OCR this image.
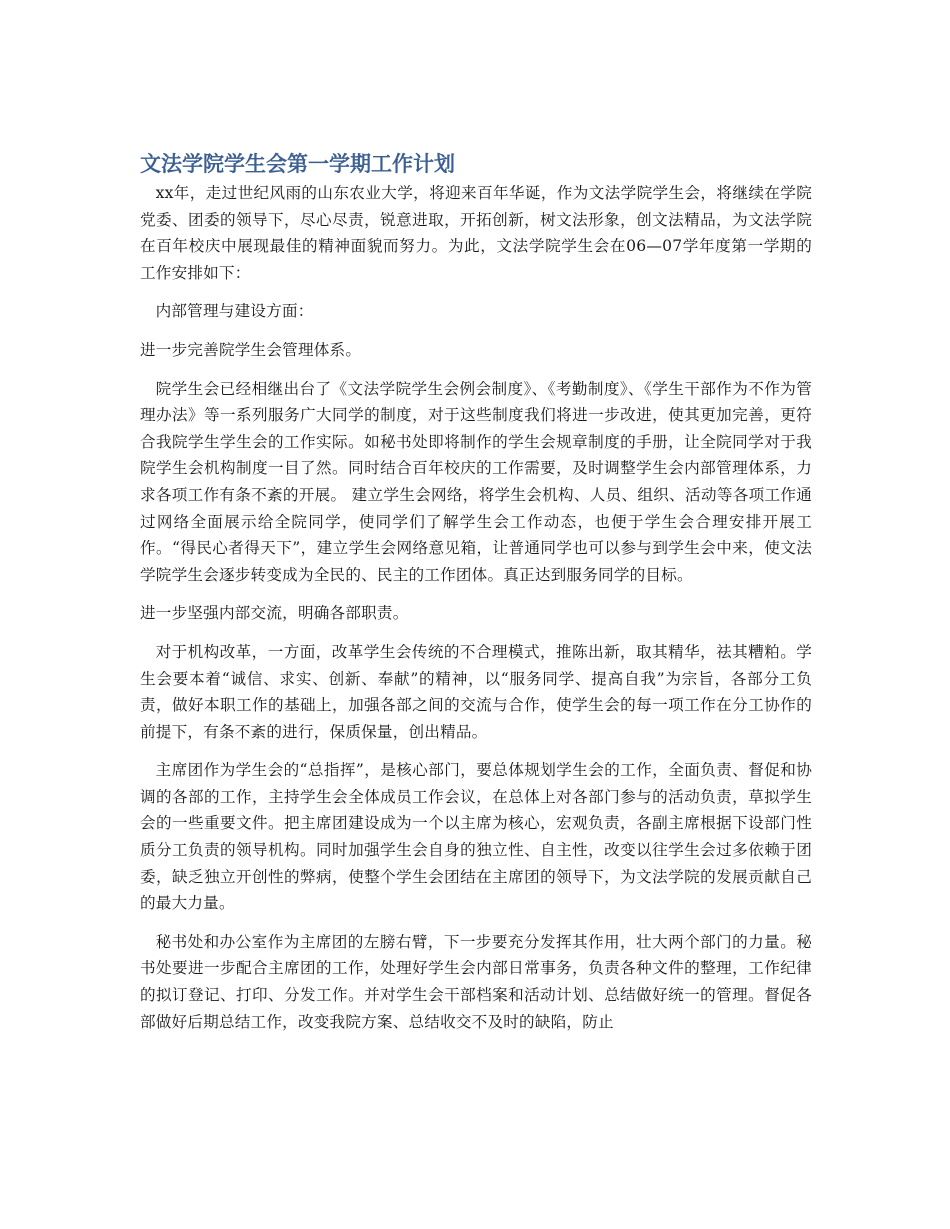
文法学院学生会第一学期工作计划

xx年，走过世纪风雨的山东农业大学，将迎来百年华诞，作为文法学院学生会，将继续在学院党委、团委的领导下，尽心尽责，锐意进取，开拓创新，树文法形象，创文法精品，为文法学院在百年校庆中展现最佳的精神面貌而努力。为此，文法学院学生会在06—07学年度第一学期的工作安排如下：

内部管理与建设方面：

进一步完善院学生会管理体系。

院学生会已经相继出台了《文法学院学生会例会制度》、《考勤制度》、《学生干部作为不作为管理办法》等一系列服务广大同学的制度，对于这些制度我们将进一步改进，使其更加完善，更符合我院学生学生会的工作实际。如秘书处即将制作的学生会规章制度的手册，让全院同学对于我院学生会机构制度一目了然。同时结合百年校庆的工作需要，及时调整学生会内部管理体系，力求各项工作有条不紊的开展。 建立学生会网络，将学生会机构、人员、组织、活动等各项工作通过网络全面展示给全院同学，使同学们了解学生会工作动态，也便于学生会合理安排开展工作。“得民心者得天下”，建立学生会网络意见箱，让普通同学也可以参与到学生会中来，使文法学院学生会逐步转变成为全民的、民主的工作团体。真正达到服务同学的目标。

进一步坚强内部交流，明确各部职责。

对于机构改革，一方面，改革学生会传统的不合理模式，推陈出新，取其精华，祛其糟粕。学生会要本着“诚信、求实、创新、奉献”的精神，以“服务同学、提高自我”为宗旨，各部分工负责，做好本职工作的基础上，加强各部之间的交流与合作，使学生会的每一项工作在分工协作的前提下，有条不紊的进行，保质保量，创出精品。

主席团作为学生会的“总指挥”，是核心部门，要总体规划学生会的工作，全面负责、督促和协调的各部的工作，主持学生会全体成员工作会议，在总体上对各部门参与的活动负责，草拟学生会的一些重要文件。把主席团建设成为一个以主席为核心，宏观负责，各副主席根据下设部门性质分工负责的领导机构。同时加强学生会自身的独立性、自主性，改变以往学生会过多依赖于团委，缺乏独立开创性的弊病，使整个学生会团结在主席团的领导下，为文法学院的发展贡献自己的最大力量。

秘书处和办公室作为主席团的左膀右臂，下一步要充分发挥其作用，壮大两个部门的力量。秘书处要进一步配合主席团的工作，处理好学生会内部日常事务，负责各种文件的整理，工作纪律的拟订登记、打印、分发工作。并对学生会干部档案和活动计划、总结做好统一的管理。督促各部做好后期总结工作，改变我院方案、总结收交不及时的缺陷，防止
